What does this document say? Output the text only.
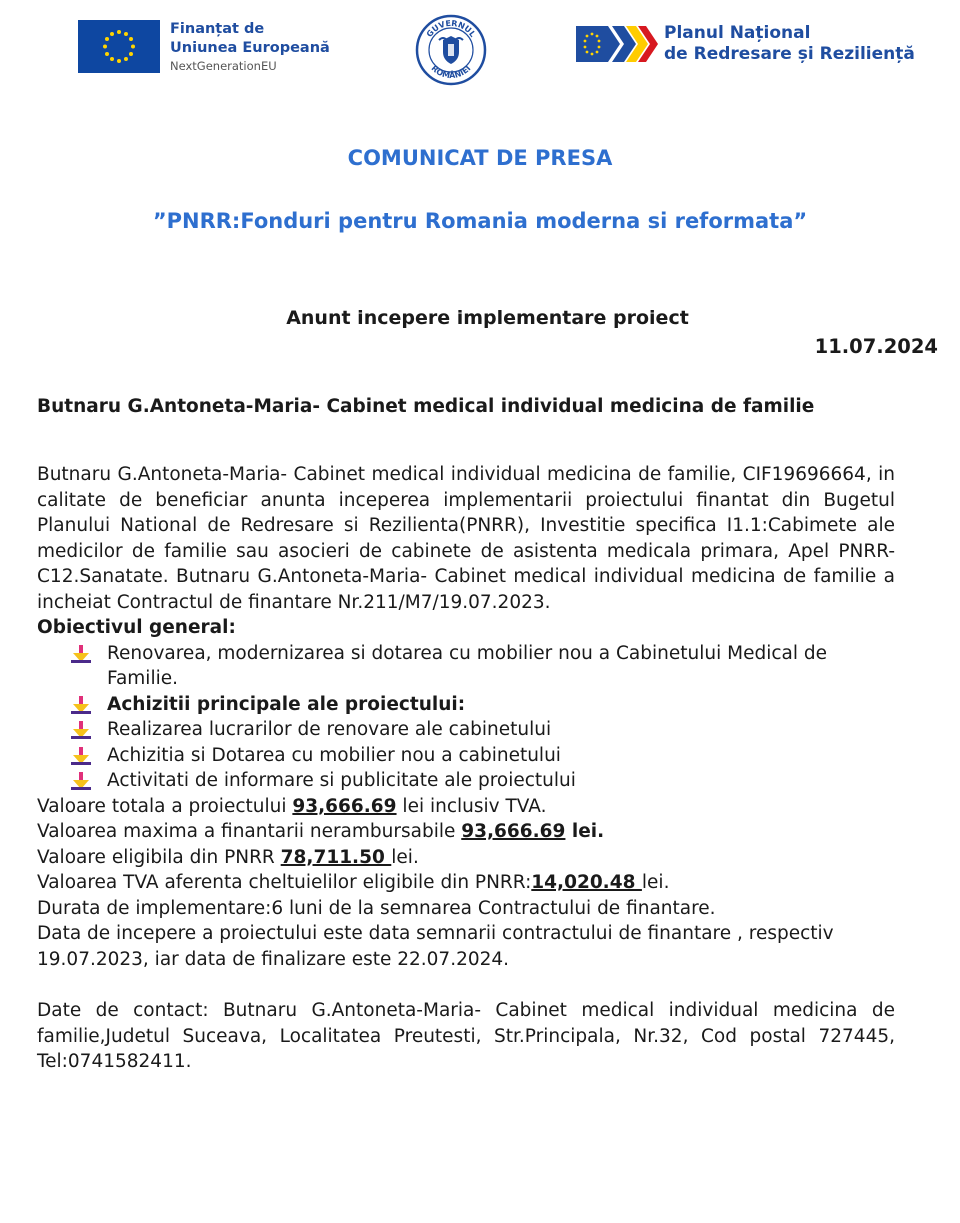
Finanțat de
Uniunea Europeană
NextGenerationEU
GUVERNUL
ROMÂNIEI
Planul Național
de Redresare și Reziliență
COMUNICAT DE PRESA
”PNRR:Fonduri pentru Romania moderna si reformata”
Anunt incepere implementare proiect
11.07.2024
Butnaru G.Antoneta-Maria- Cabinet medical individual medicina de familie

Butnaru G.Antoneta-Maria- Cabinet medical individual medicina de familie, CIF19696664, in calitate de beneficiar anunta inceperea implementarii proiectului finantat din Bugetul Planului National de Redresare si Rezilienta(PNRR), Investitie specifica I1.1:Cabimete ale medicilor de familie sau asocieri de cabinete de asistenta medicala primara, Apel PNRR-C12.Sanatate. Butnaru G.Antoneta-Maria- Cabinet medical individual medicina de familie a incheiat Contractul de finantare Nr.211/M7/19.07.2023.

Obiectivul general:

Renovarea, modernizarea si dotarea cu mobilier nou a Cabinetului Medical de Familie.
Achizitii principale ale proiectului:
Realizarea lucrarilor de renovare ale cabinetului
Achizitia si Dotarea cu mobilier nou a cabinetului
Activitati de informare si publicitate ale proiectului

Valoare totala a proiectului 93,666.69 lei inclusiv TVA.

Valoarea maxima a finantarii nerambursabile 93,666.69 lei.

Valoare eligibila din PNRR 78,711.50 lei.

Valoarea TVA aferenta cheltuielilor eligibile din PNRR:14,020.48 lei.

Durata de implementare:6 luni de la semnarea Contractului de finantare.

Data de incepere a proiectului este data semnarii contractului de finantare , respectiv 19.07.2023, iar data de finalizare este 22.07.2024.

Date de contact: Butnaru G.Antoneta-Maria- Cabinet medical individual medicina de familie,Judetul Suceava, Localitatea Preutesti, Str.Principala, Nr.32, Cod postal 727445, Tel:0741582411.
